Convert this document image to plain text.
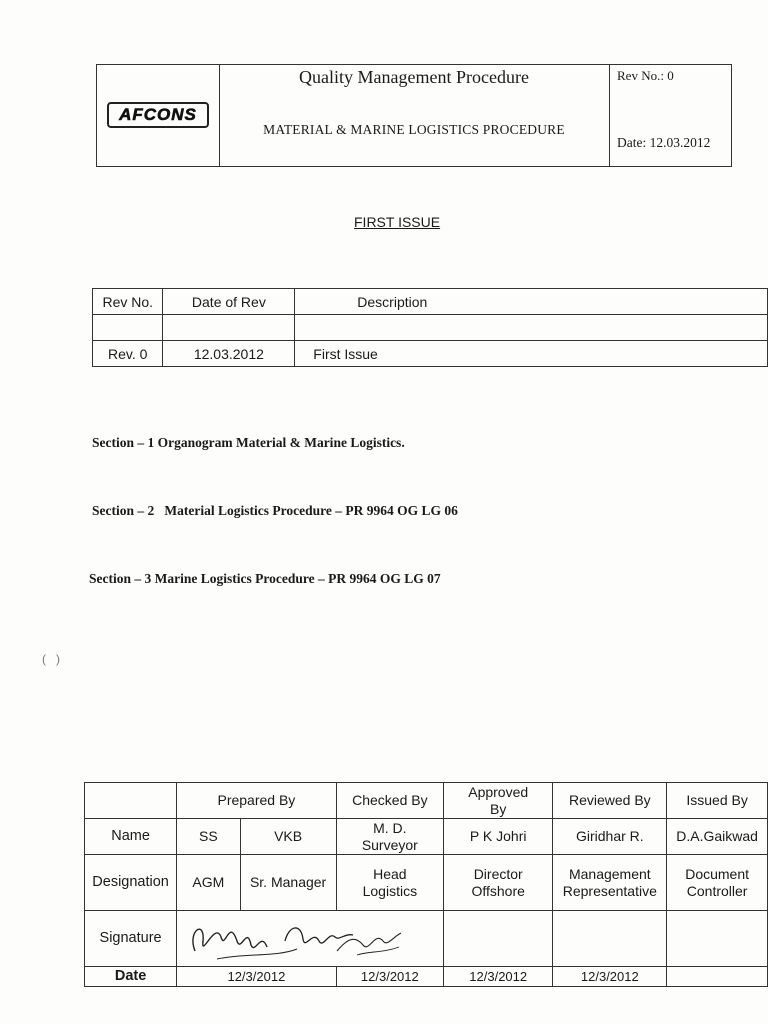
AFCONS
Quality Management Procedure
MATERIAL & MARINE LOGISTICS PROCEDURE
Rev No.: 0
Date: 12.03.2012
FIRST ISSUE
Rev No.	Date of Rev	Description

Rev. 0	12.03.2012	First Issue
Section – 1 Organogram Material & Marine Logistics.
Section – 2   Material Logistics Procedure – PR 9964 OG LG 06
Section – 3 Marine Logistics Procedure – PR 9964 OG LG 07
(   )
	Prepared By		Checked By	Approved By	Reviewed By	Issued By
Name	SS	VKB	M. D. Surveyor	P K Johri	Giridhar R.	D.A.Gaikwad
Designation	AGM	Sr. Manager	Head Logistics	Director Offshore	Management Representative	Document Controller
Signature	

Date	12/3/2012		12/3/2012	12/3/2012	12/3/2012	
